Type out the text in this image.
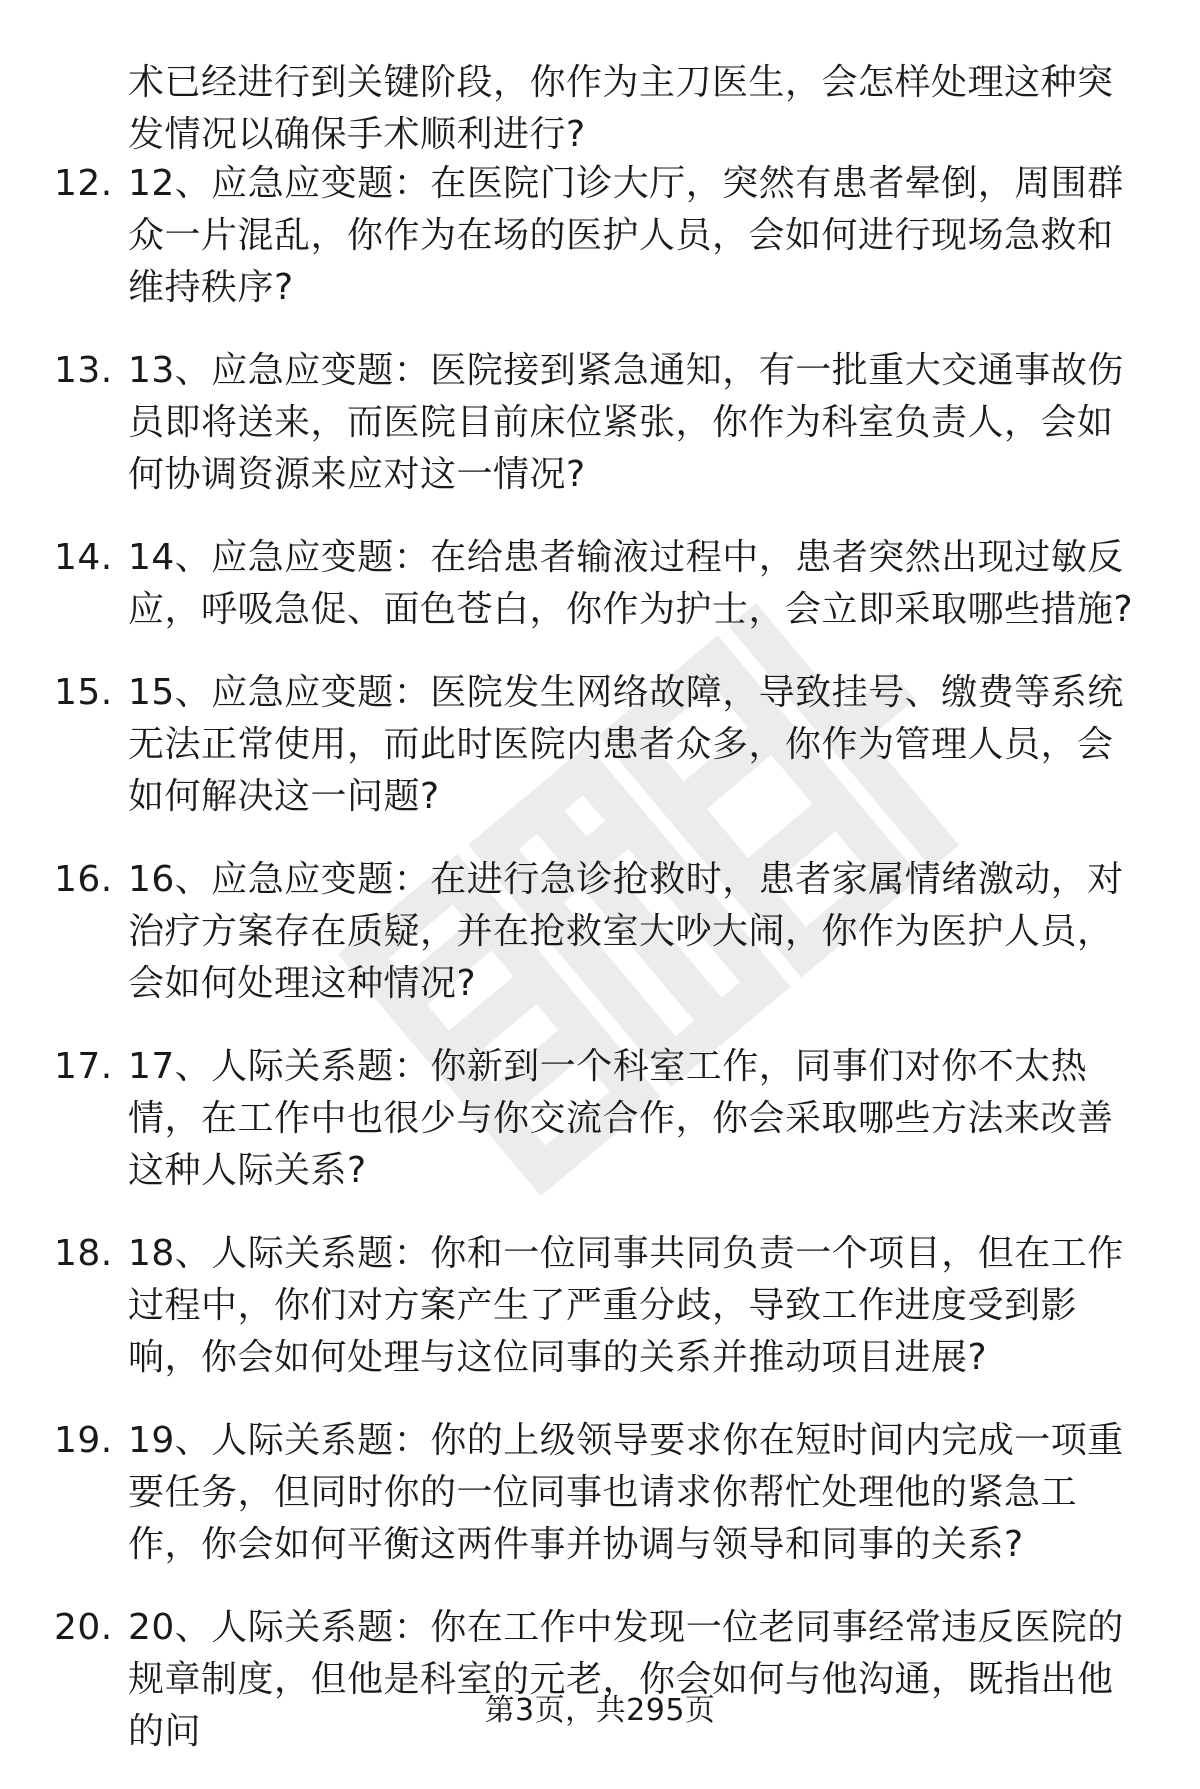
术已经进行到关键阶段，你作为主刀医生，会怎样处理这种突发情况以确保手术顺利进行?
12. 12、应急应变题：在医院门诊大厅，突然有患者晕倒，周围群众一片混乱，你作为在场的医护人员，会如何进行现场急救和维持秩序?
13. 13、应急应变题：医院接到紧急通知，有一批重大交通事故伤员即将送来，而医院目前床位紧张，你作为科室负责人，会如何协调资源来应对这一情况?
14. 14、应急应变题：在给患者输液过程中，患者突然出现过敏反应，呼吸急促、面色苍白，你作为护士，会立即采取哪些措施?
15. 15、应急应变题：医院发生网络故障，导致挂号、缴费等系统无法正常使用，而此时医院内患者众多，你作为管理人员，会如何解决这一问题?
16. 16、应急应变题：在进行急诊抢救时，患者家属情绪激动，对治疗方案存在质疑，并在抢救室大吵大闹，你作为医护人员，会如何处理这种情况?
17. 17、人际关系题：你新到一个科室工作，同事们对你不太热情，在工作中也很少与你交流合作，你会采取哪些方法来改善这种人际关系?
18. 18、人际关系题：你和一位同事共同负责一个项目，但在工作过程中，你们对方案产生了严重分歧，导致工作进度受到影响，你会如何处理与这位同事的关系并推动项目进展?
19. 19、人际关系题：你的上级领导要求你在短时间内完成一项重要任务，但同时你的一位同事也请求你帮忙处理他的紧急工作，你会如何平衡这两件事并协调与领导和同事的关系?
20. 20、人际关系题：你在工作中发现一位老同事经常违反医院的规章制度，但他是科室的元老，你会如何与他沟通，既指出他的问
第3页，共295页
